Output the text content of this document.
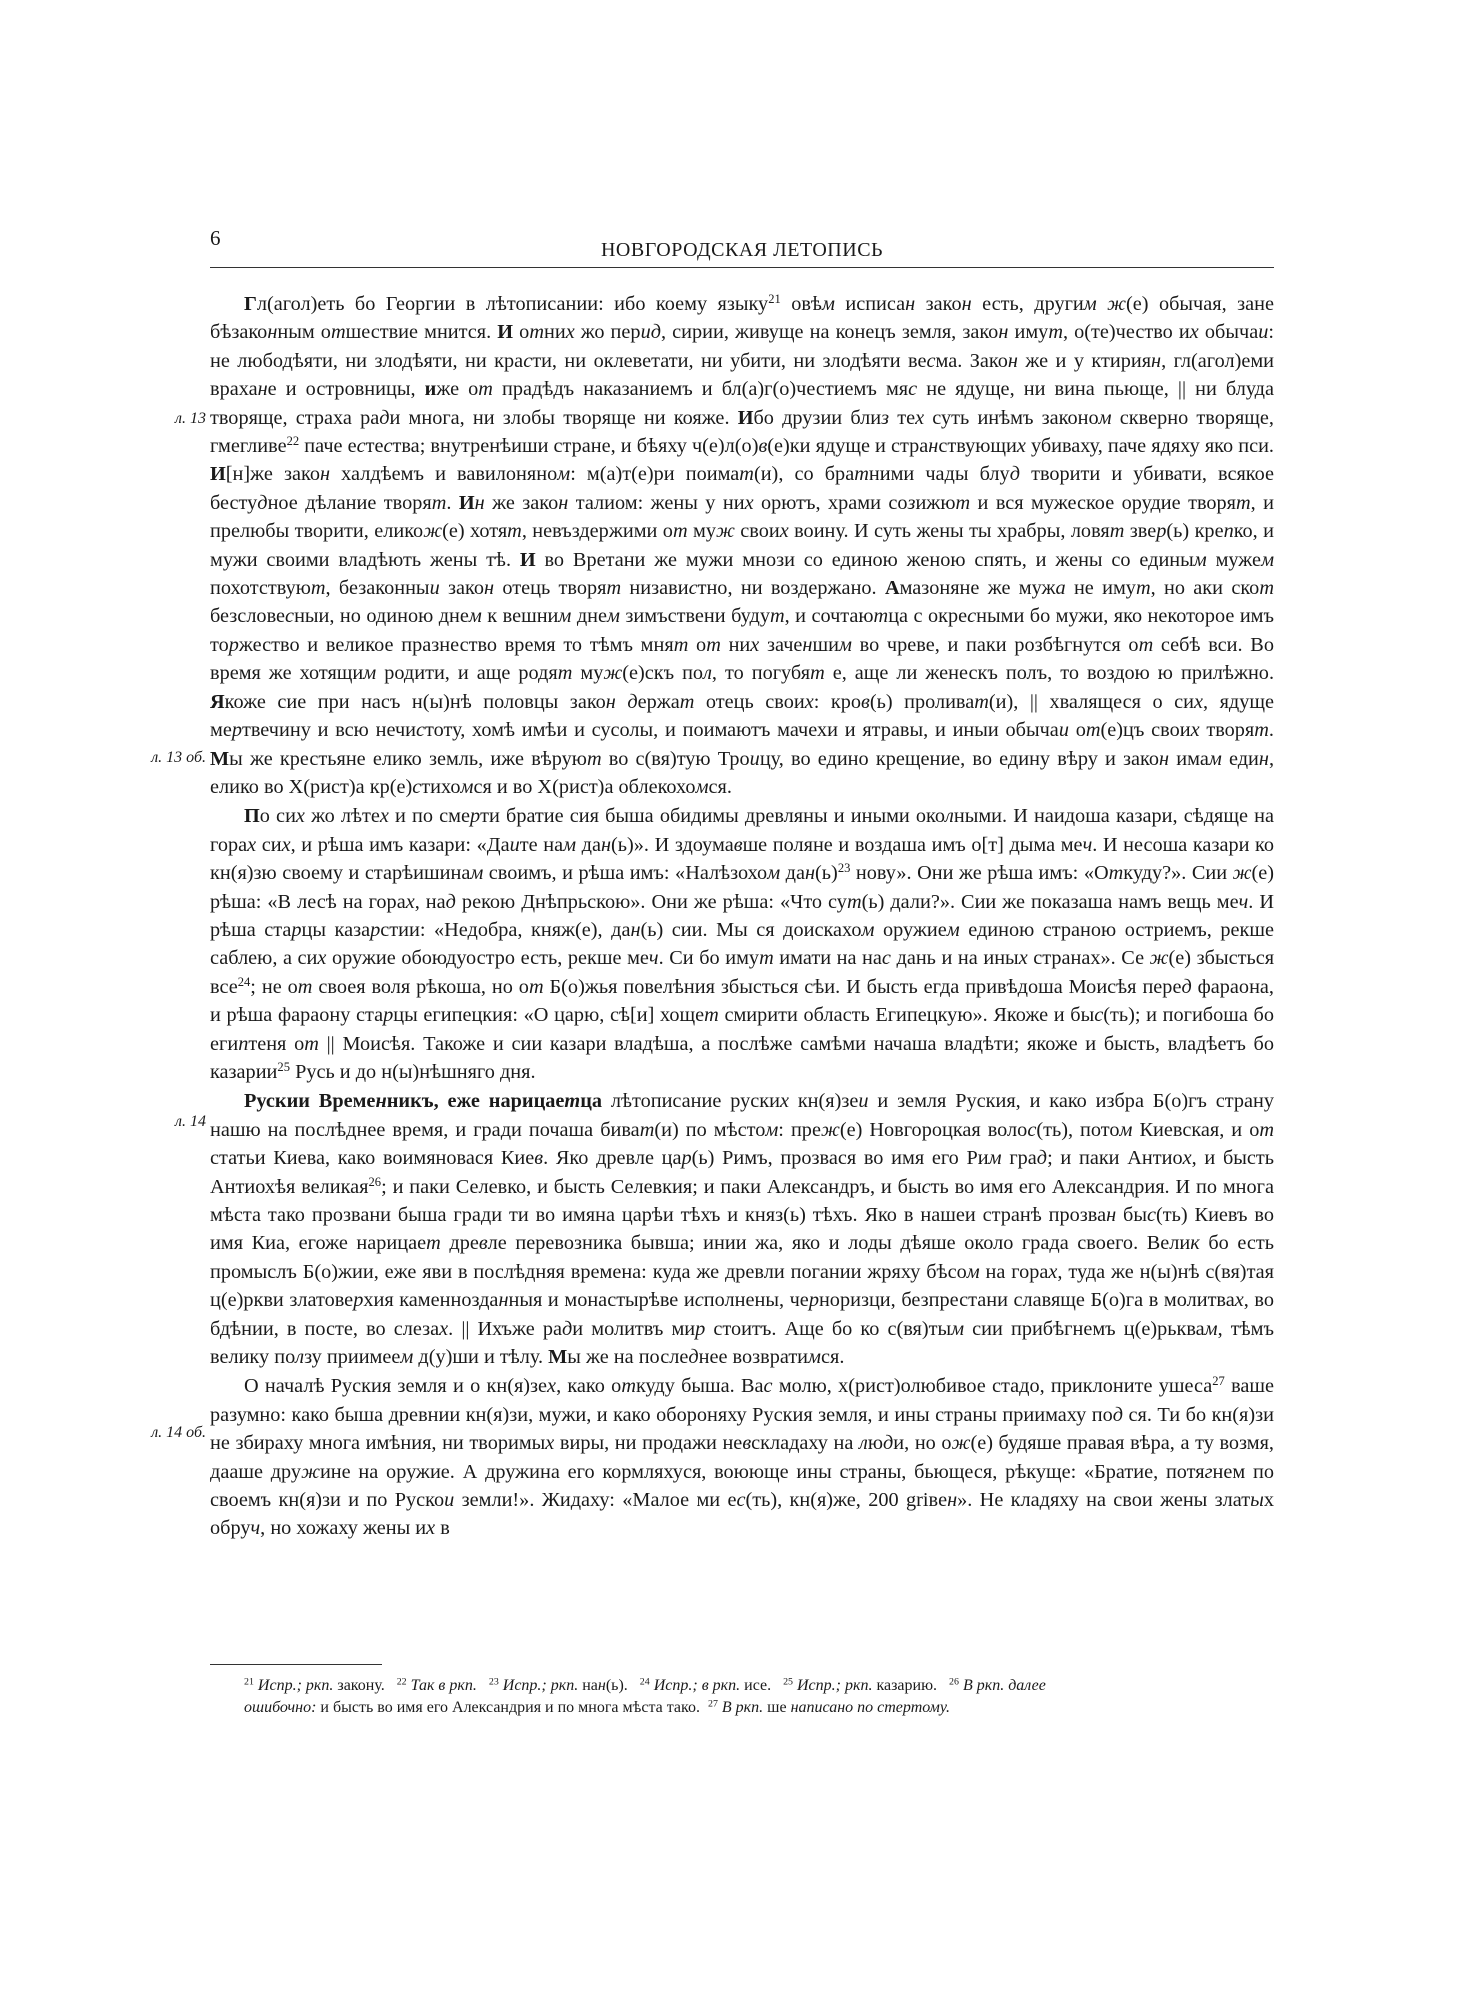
6	НОВГОРОДСКАЯ ЛЕТОПИСЬ
л. 13
л. 13 об.
л. 14
л. 14 об.

Гл(агол)еть бо Георгии в лѣтописании: ибо коему языку$^{21}$ овѣм исписан закон есть, другим ж(е) обычая, зане бѣзаконным отшествие мнится. И отних жо перид, сирии, живуще на конецъ земля, закон имут, о(те)чество их обычаи: не любодѣяти, ни злодѣяти, ни красти, ни оклеветати, ни убити, ни злодѣяти весма. Закон же и у ктириян, гл(агол)еми врахане и островницы, иже от прадѣдъ наказаниемъ и бл(а)г(о)честиемъ мяс не ядуще, ни вина пьюще, || ни блуда творяще, страха ради многа, ни злобы творяще ни кояже. Ибо друзии близ тех суть инѣмъ законом скверно творяще, гмегливе$^{22}$ паче естества; внутренѣиши стране, и бѣяху ч(е)л(о)в(е)ки ядуще и странствующих убиваху, паче ядяху яко пси. И[н]же закон халдѣемъ и вавилоняном: м(а)т(е)ри поимат(и), со братними чады блуд творити и убивати, всякое бестудное дѣлание творят. Ин же закон талиом: жены у них орютъ, храми созижют и вся мужеское орудие творят, и прелюбы творити, еликож(е) хотят, невъздержими от муж своих воину. И суть жены ты храбры, ловят звер(ь) крепко, и мужи своими владѣють жены тѣ. И во Вретани же мужи мнози со единою женою спять, и жены со единым мужем похотствуют, безаконныи закон отець творят низавистно, ни воздержано. Амазоняне же мужа не имут, но аки скот безсловесныи, но одиною днем к вешним днем зимъствени будут, и сочтаютца с окресными бо мужи, яко некоторое имъ торжество и великое празнество время то тѣмъ мнят от них заченшим во чреве, и паки розбѣгнутся от себѣ вси. Во время же хотящим родити, и аще родят муж(е)скъ пол, то погубят е, аще ли женескъ полъ, то воздою ю прилѣжно. Якоже сие при насъ н(ы)нѣ половцы закон держат отець своих: кров(ь) проливат(и), || хвалящеся о сих, ядуще мертвечину и всю нечистоту, хомѣ имѣи и сусолы, и поимаютъ мачехи и ятравы, и иныи обычаи от(е)цъ своих творят. Мы же крестьяне елико земль, иже вѣруют во с(вя)тую Троицу, во едино крещение, во едину вѣру и закон имам един, елико во Х(рист)а кр(е)стихомся и во Х(рист)а облекохомся.

По сих жо лѣтех и по смерти братие сия быша обидимы древляны и иными околными. И наидоша казари, сѣдяще на горах сих, и рѣша имъ казари: «Даите нам дан(ь)». И здоумавше поляне и воздаша имъ о[т] дыма меч. И несоша казари ко кн(я)зю своему и старѣишинам своимъ, и рѣша имъ: «Налѣзохом $дан(ь)^{23}$ нову». Они же рѣша имъ: «Откуду?». Сии ж(е) рѣша: «В лесѣ на горах, над рекою Днѣпрьскою». Они же рѣша: «Что сут(ь) дали?». Сии же показаша намъ вещь меч. И рѣша старцы казарстии: «Недобра, княж(е), дан(ь) сии. Мы ся доискахом оружием единою страною остриемъ, рекше саблею, а сих оружие обоюдуостро есть, рекше меч. Си бо имут имати на нас дань и на иных странах». Се ж(е) збысться все$^{24}$; не от своея воля рѣкоша, но от Б(о)жья повелѣния збысться сѣи. И бысть егда привѣдоша Моисѣя перед фараона, и рѣша фараону старцы египецкия: «О царю, сѣ[и] хощет смирити область Египецкую». Якоже и быс(ть); и погибоша бо египтеня от || Моисѣя. Такоже и сии казари владѣша, а послѣже самѣми начаша владѣти; якоже и бысть, владѣетъ бо казарии$^{25}$ Русь и до н(ы)нѣшняго дня.

Рускии Временникъ, еже нарицаетца лѣтописание руских кн(я)зеи и земля Руския, и како избра Б(о)гъ страну нашю на послѣднее время, и гради почаша биват(и) по мѣстом: преж(е) Новгороцкая волос(ть), потом Киевская, и от статьи Киева, како воимяновася Киев. Яко древле цар(ь) Римъ, прозвася во имя его Рим град; и паки Антиох, и бысть Антиохѣя великая$^{26}$; и паки Селевко, и бысть Селевкия; и паки Александръ, и бысть во имя его Александрия. И по многа мѣста тако прозвани быша гради ти во имяна царѣи тѣхъ и княз(ь) тѣхъ. Яко в нашеи странѣ прозван быс(ть) Киевъ во имя Киа, егоже нарицает древле перевозника бывша; инии жа, яко и лоды дѣяше около града своего. Велик бо есть промыслъ Б(о)жии, еже яви в послѣдняя времена: куда же древли погании жряху бѣсом на горах, туда же н(ы)нѣ с(вя)тая ц(е)ркви златоверхия каменнозданныя и монастырѣве исполнены, черноризци, безпрестани славяще Б(о)га в молитвах, во бдѣнии, в посте, во слезах. || Ихъже ради молитвъ мир стоитъ. Аще бо ко с(вя)тым сии прибѣгнемъ ц(е)рьквам, тѣмъ велику ползу приимеем д(у)ши и тѣлу. Мы же на последнее возвратимся.

О началѣ Руския земля и о кн(я)зех, како откуду быша. Вас молю, х(рист)олюбивое стадо, приклоните ушеса$^{27}$ ваше разумно: како быша древнии кн(я)зи, мужи, и како обороняху Руския земля, и ины страны приимаху под ся. Ти бо кн(я)зи не збираху многа имѣния, ни творимых виры, ни продажи невскладаху на люди, но ож(е) будяше правая вѣра, а ту возмя, дааше дружине на оружие. А дружина его кормляхуся, воююще ины страны, бьющеся, рѣкуще: «Братие, потягнем по своемъ кн(я)зи и по Рускои земли!». Жидаху: «Малое ми ес(ть), кн(я)же, 200 griвeн». Не кладяху на свои жены златых обруч, но хожаху жены их в

$^{21}$ Испр.; ркп. закону.   $^{22}$ Так в ркп. $^{23}$ Испр.; ркп. нан(ь).   $^{24}$ Испр.; в ркп. исе.   $^{25}$ Испр.; ркп. казарию.   $^{26}$ В ркп. далее

ошибочно: и бысть во имя его Александрия и по многа мѣста тако.  $^{27}$ В ркп. ше написано по стертому.
